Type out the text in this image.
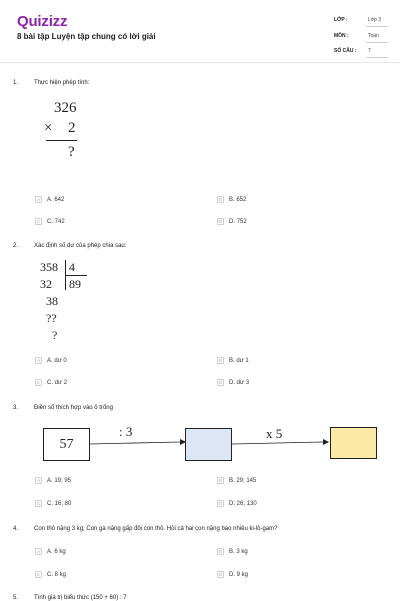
Quizizz
8 bài tập Luyện tập chung có lời giải
LỚP :	Lớp 3
MÔN :	Toán
SỐ CÂU : 7
1.	Thực hiện phép tính:
326
× 2
?
A	A. 642	B	B. 652
C	C. 742	D	D. 752
2.	Xác định số dư của phép chia sau:
358 4
32 89
38
??
?
A	A. dư 0	B	B. dư 1
C	C. dư 2	D	D. dư 3
3.	Điền số thích hợp vào ô trống
57
: 3	x 5
A	A. 19; 95	B	B. 29; 145
C	C. 16; 80	D	D. 26; 130
4.	Con thỏ nặng 3 kg; Con gà nặng gấp đôi con thỏ. Hỏi cả hai con nặng bao nhiêu ki-lô-gam?
A	A. 6 kg	B	B. 3 kg
C	C. 8 kg	D	D. 9 kg
5.	Tính giá trị biểu thức (150 + 60) : 7
